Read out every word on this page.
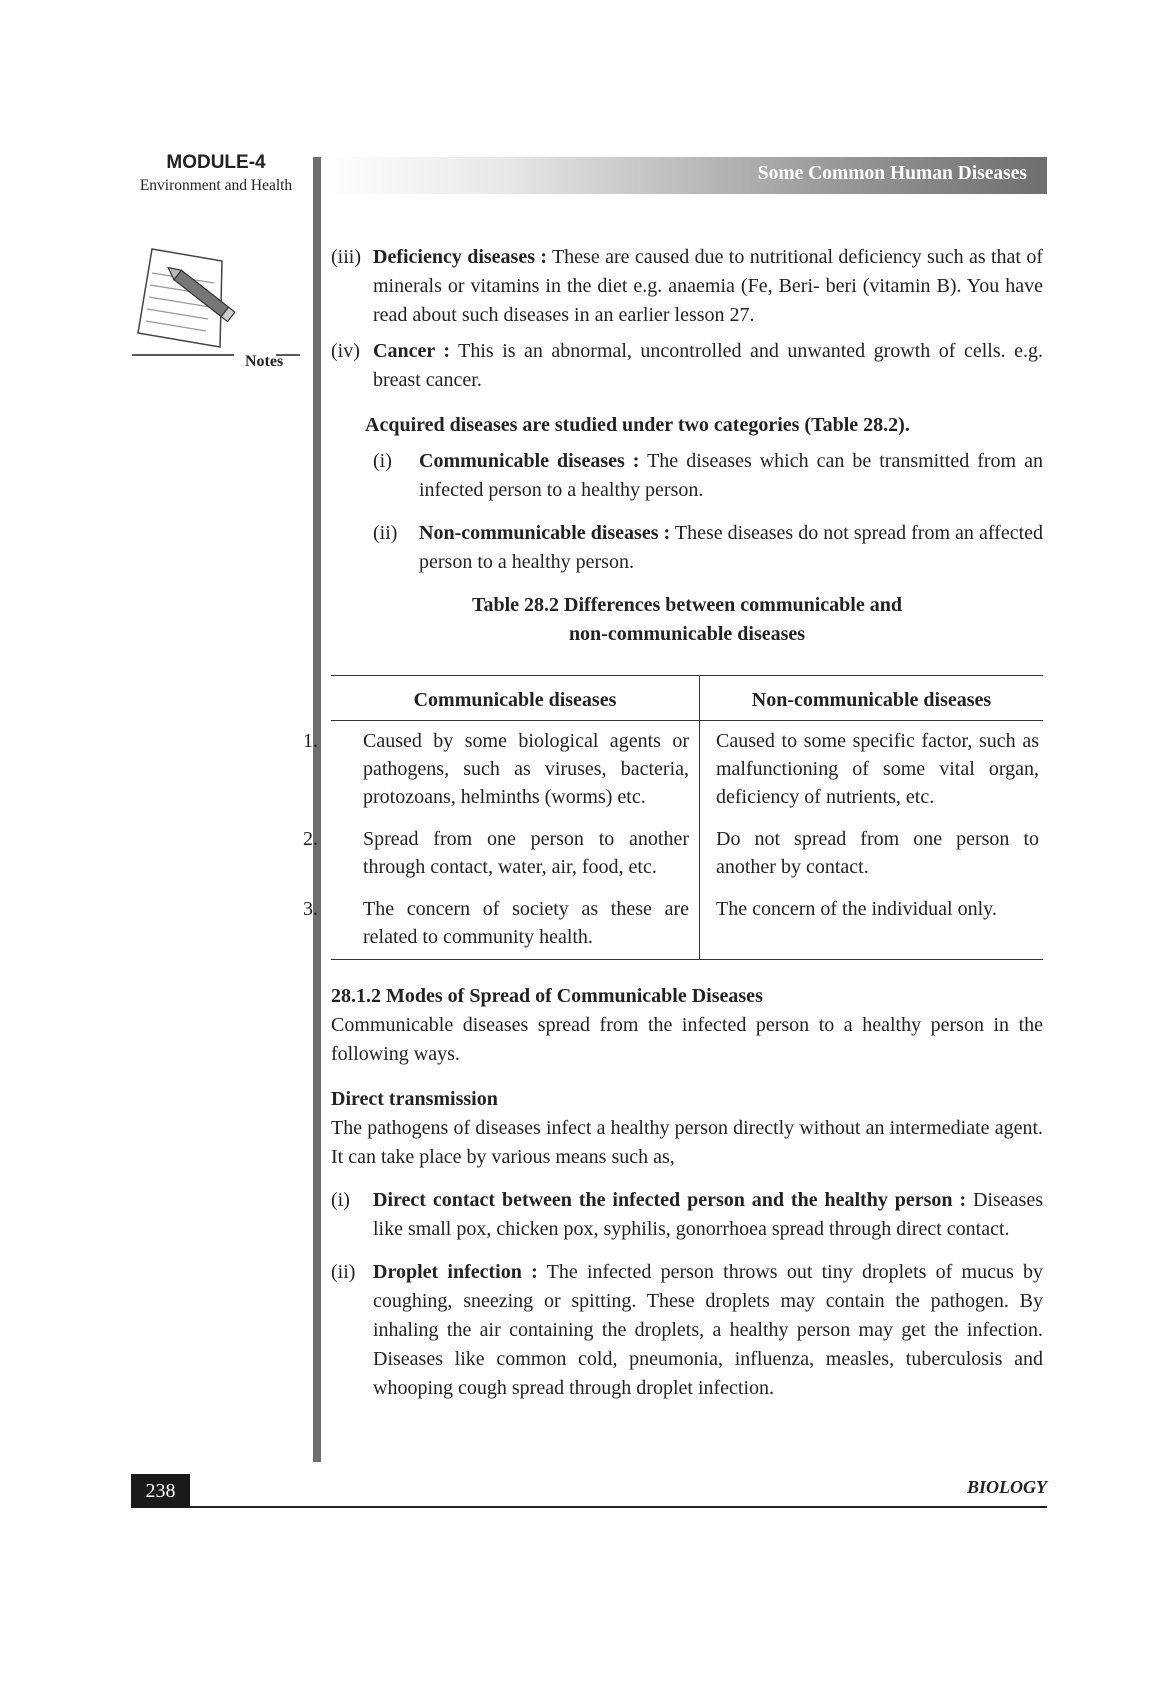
MODULE-4
Environment and Health
Notes
Some Common Human Diseases

(iii) Deficiency diseases : These are caused due to nutritional deficiency such as that of minerals or vitamins in the diet e.g. anaemia (Fe, Beri- beri (vitamin B). You have read about such diseases in an earlier lesson 27.

(iv) Cancer : This is an abnormal, uncontrolled and unwanted growth of cells. e.g. breast cancer.

Acquired diseases are studied under two categories (Table 28.2).

(i) Communicable diseases : The diseases which can be transmitted from an infected person to a healthy person.

(ii) Non-communicable diseases : These diseases do not spread from an affected person to a healthy person.

Table 28.2 Differences between communicable and

non-communicable diseases

Communicable diseases	Non-communicable diseases
1. Caused by some biological agents or pathogens, such as viruses, bacteria, protozoans, helminths (worms) etc.	Caused to some specific factor, such as malfunctioning of some vital organ, deficiency of nutrients, etc.
2. Spread from one person to another through contact, water, air, food, etc.	Do not spread from one person to another by contact.
3. The concern of society as these are related to community health.	The concern of the individual only.

28.1.2 Modes of Spread of Communicable Diseases

Communicable diseases spread from the infected person to a healthy person in the following ways.

Direct transmission

The pathogens of diseases infect a healthy person directly without an intermediate agent. It can take place by various means such as,

(i) Direct contact between the infected person and the healthy person : Diseases like small pox, chicken pox, syphilis, gonorrhoea spread through direct contact.

(ii) Droplet infection : The infected person throws out tiny droplets of mucus by coughing, sneezing or spitting. These droplets may contain the pathogen. By inhaling the air containing the droplets, a healthy person may get the infection. Diseases like common cold, pneumonia, influenza, measles, tuberculosis and whooping cough spread through droplet infection.

238	BIOLOGY
